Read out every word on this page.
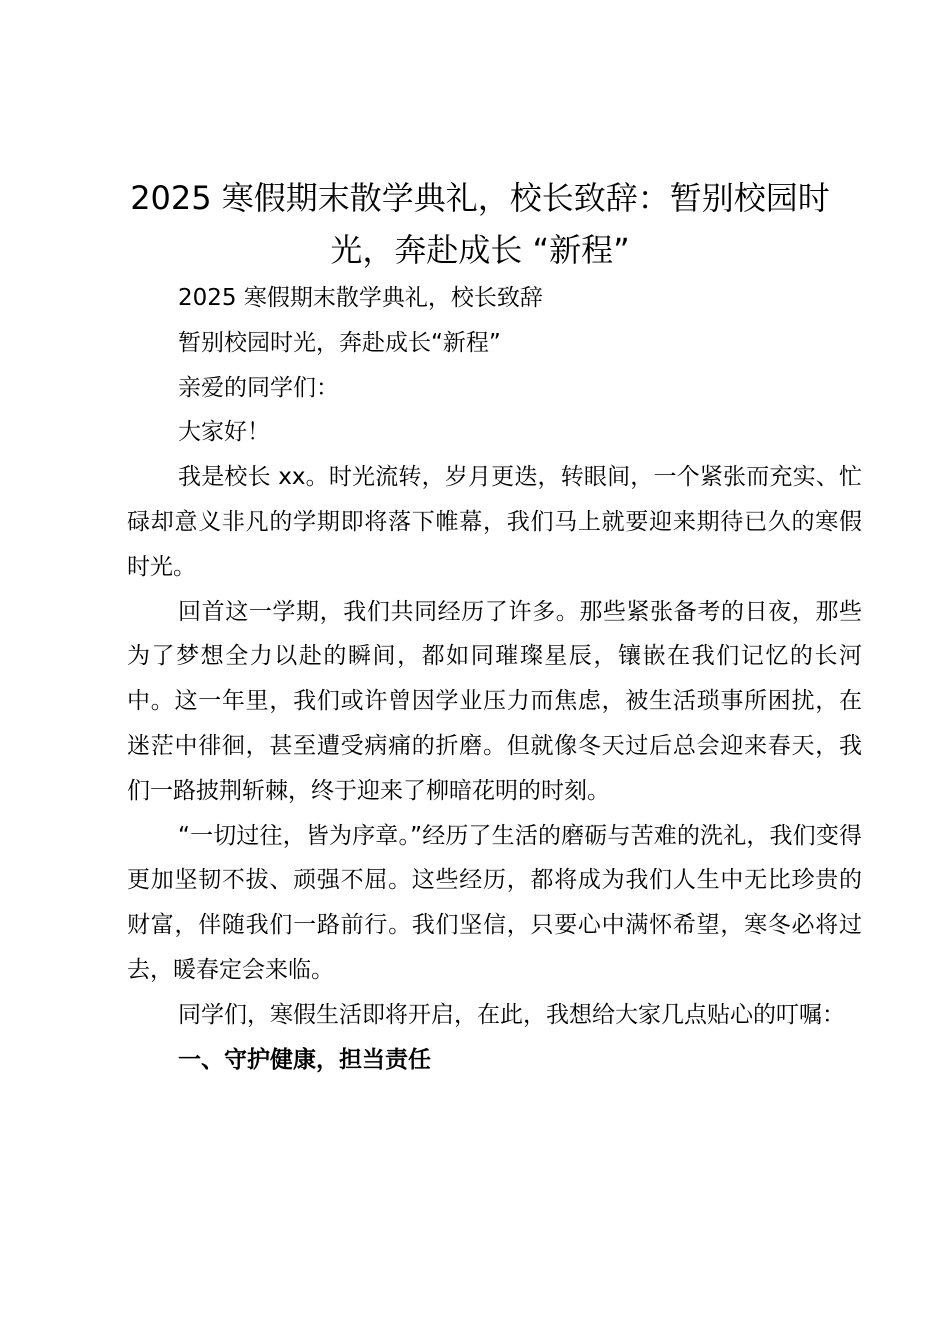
2025 寒假期末散学典礼，校长致辞：暂别校园时光，奔赴成长 “新程”

2025 寒假期末散学典礼，校长致辞

暂别校园时光，奔赴成长“新程”

亲爱的同学们：

大家好！

我是校长 xx。时光流转，岁月更迭，转眼间，一个紧张而充实、忙碌却意义非凡的学期即将落下帷幕，我们马上就要迎来期待已久的寒假时光。

回首这一学期，我们共同经历了许多。那些紧张备考的日夜，那些为了梦想全力以赴的瞬间，都如同璀璨星辰，镶嵌在我们记忆的长河中。这一年里，我们或许曾因学业压力而焦虑，被生活琐事所困扰，在迷茫中徘徊，甚至遭受病痛的折磨。但就像冬天过后总会迎来春天，我们一路披荆斩棘，终于迎来了柳暗花明的时刻。

“一切过往，皆为序章。”经历了生活的磨砺与苦难的洗礼，我们变得更加坚韧不拔、顽强不屈。这些经历，都将成为我们人生中无比珍贵的财富，伴随我们一路前行。我们坚信，只要心中满怀希望，寒冬必将过去，暖春定会来临。

同学们，寒假生活即将开启，在此，我想给大家几点贴心的叮嘱：

一、守护健康，担当责任
